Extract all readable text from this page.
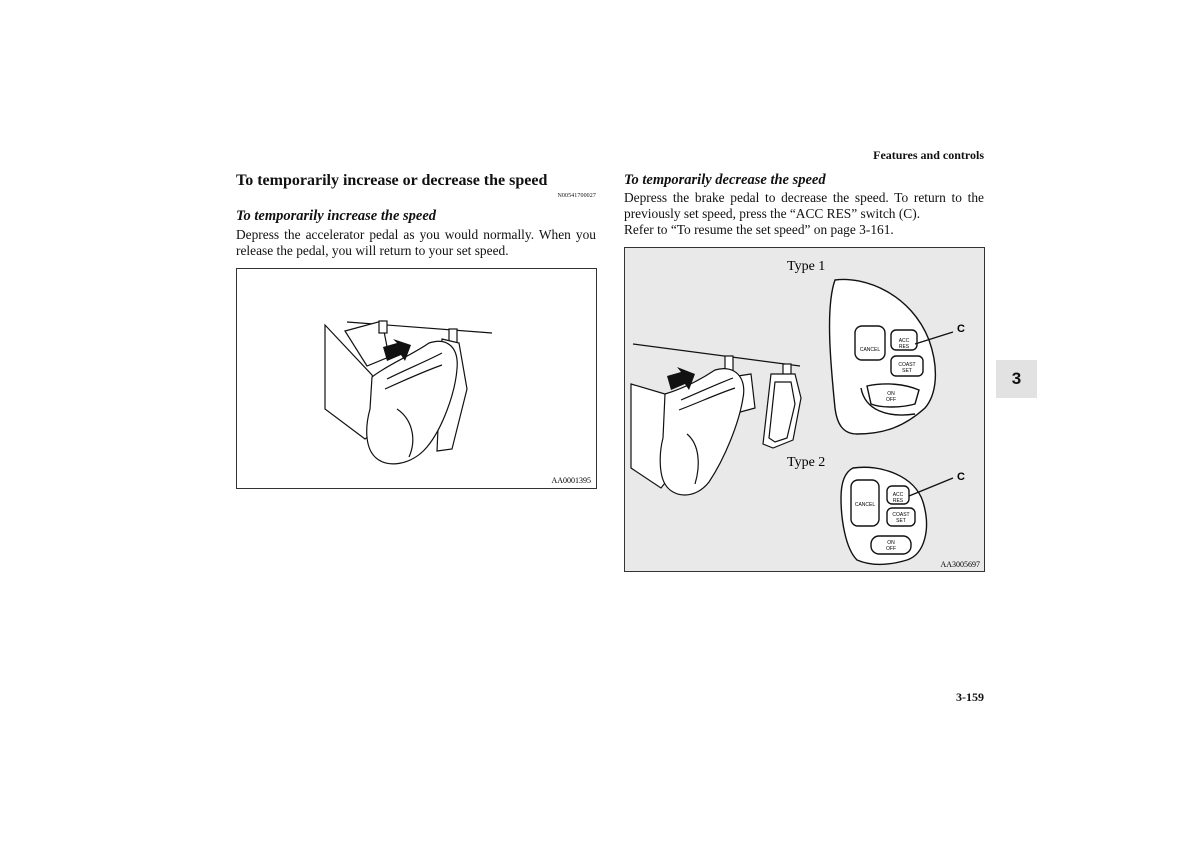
Features and controls
To temporarily increase or decrease the speed
N00541700027
To temporarily increase the speed
Depress the accelerator pedal as you would normally. When you release the pedal, you will return to your set speed.
AA0001395
To temporarily decrease the speed
Depress the brake pedal to decrease the speed. To return to the previously set speed, press the “ACC RES” switch (C).
Refer to “To resume the set speed” on page 3-161.
Type 1
CANCEL
ACC
RES
COAST
SET
ON
OFF
C
Type 2
CANCEL
ACC
RES
COAST
SET
ON
OFF
C
AA3005697
3
3-159
